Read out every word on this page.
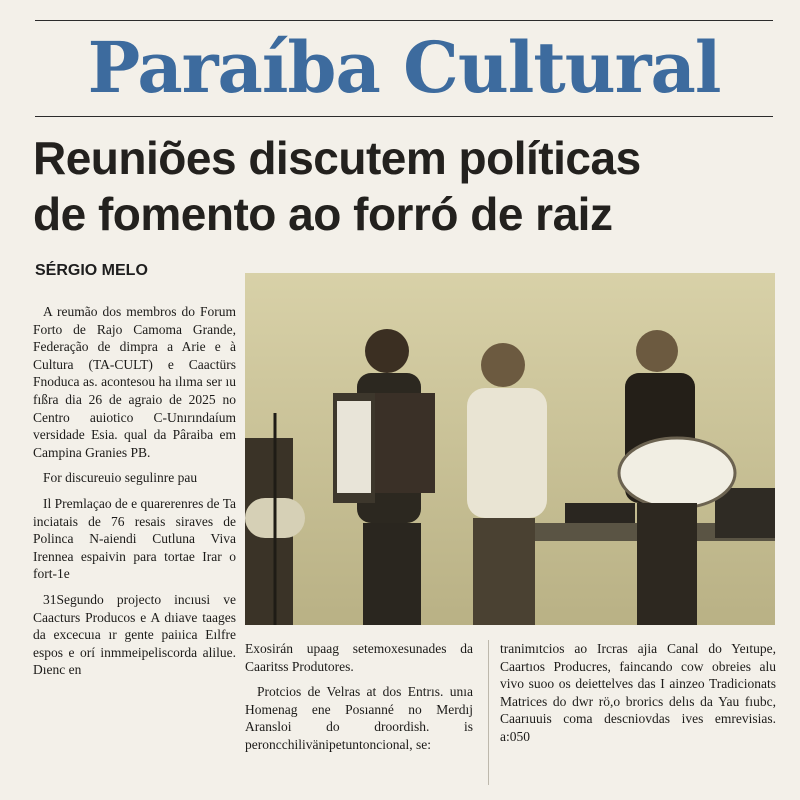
Paraíba Cultural
Reuniões discutem políticas
de fomento ao forró de raiz
SÉRGIO MELO

A reumão dos membros do Forum Forto de Rajo Camoma Grande, Federação de dimpra a Arie e à Cultura (TA-CULT) e Caactürs Fnoduca as. acontesou ha ılıma ser ıu fıßra dia 26 de agraio de 2025 no Centro auiotico C-Unırındaíum versidade Esia. qual da Pâraiba em Campina Granies PB.

For discureuio segulinre pau

Il Premlaçao de e quarerenres de Ta inciatais de 76 resais siraves de Polinca N-aiendi Cutluna Viva Irennea espaivin para tortae Irar o fort-1e

31Segundo projecto incıusi ve Caacturs Producos e A dıiave taages da excecuıa ır gente paiıica Eılfre espos e orí inmmeipeliscorda alilue. Dıenc en

Exosirán upaag setemoxesunades da Caaritss Produtores.

Protcios de Velras at dos Entrıs. unıa Homenag ene Posıanné no Merdıj Aransloi do droordish. is peroncchilivänipetuntoncional, se:

tranimıtcios ao Ircras ajia Canal do Yeıtupe, Caartıos Producres, faincando cow obreies alu vivo suoo os deiettelves das I ainzeo Tradicionats Matrices do dwr rö,o brorics delıs da Yau fıubc, Caarıuuis coma descniovdas ives emrevisias. a:050
